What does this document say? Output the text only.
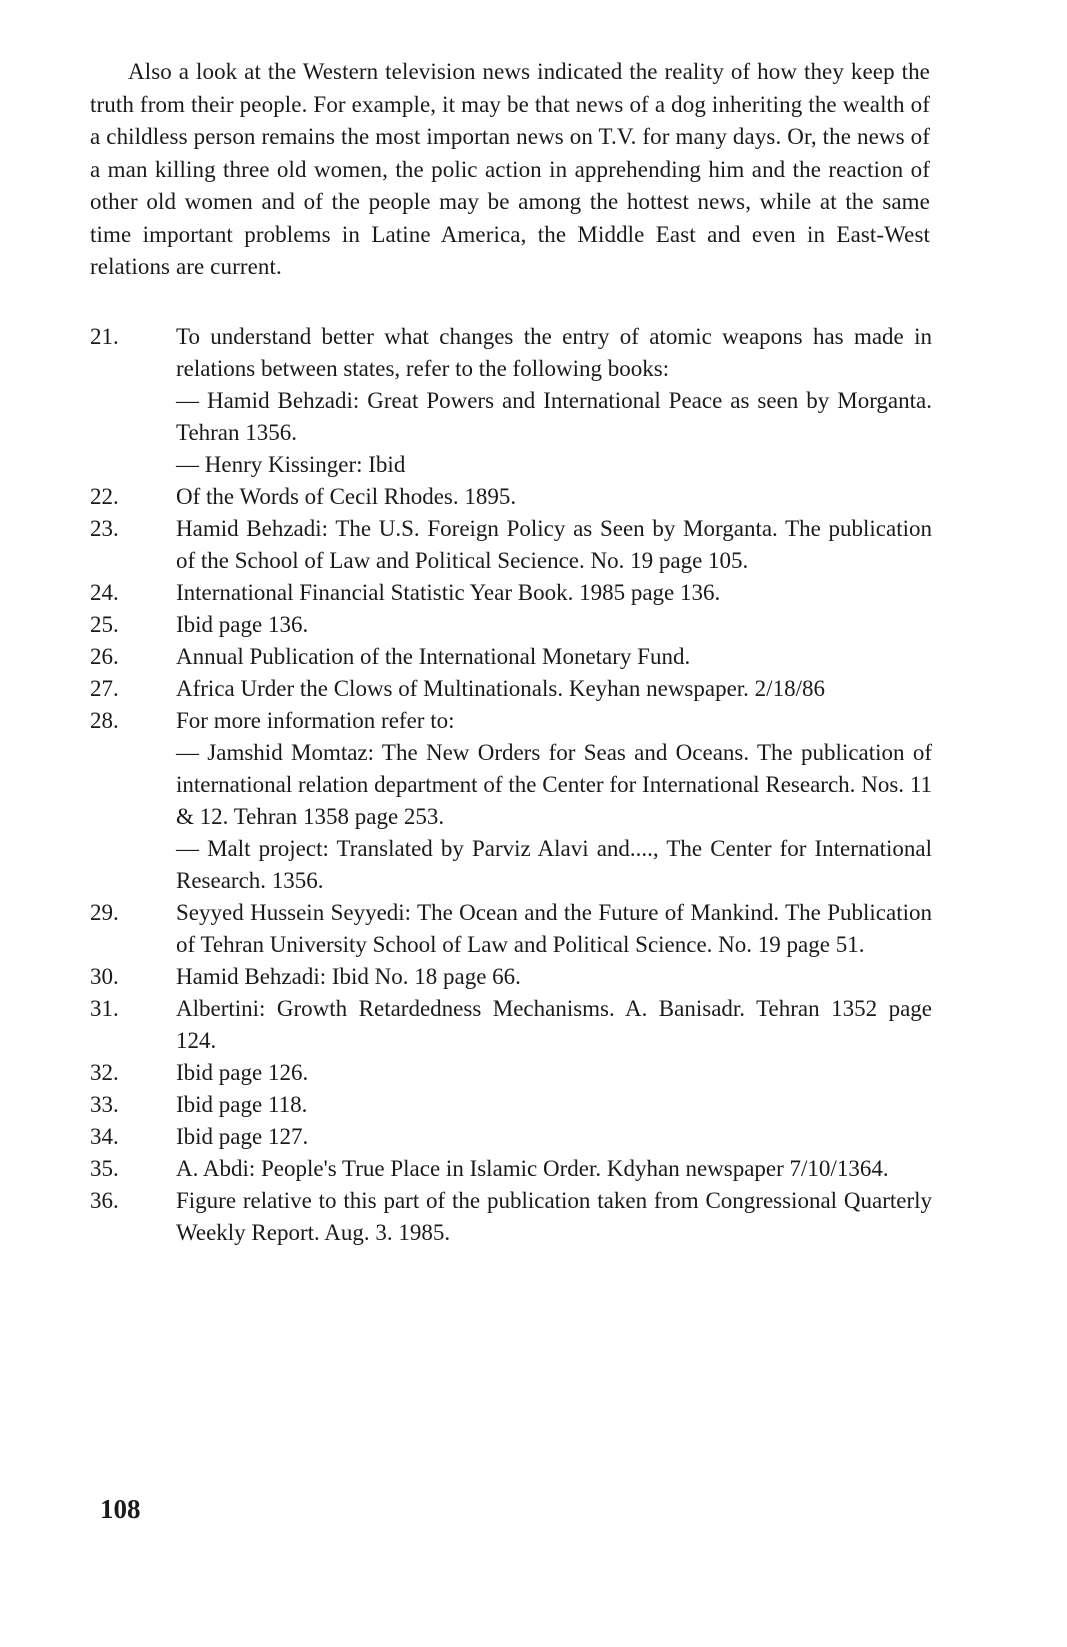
Also a look at the Western television news indicated the reality of how they keep the truth from their people. For example, it may be that news of a dog inheriting the wealth of a childless person remains the most importan news on T.V. for many days. Or, the news of a man killing three old women, the polic action in apprehending him and the reaction of other old women and of the people may be among the hottest news, while at the same time important problems in Latine America, the Middle East and even in East-West relations are current.

21.	To understand better what changes the entry of atomic weapons has made in relations between states, refer to the following books:
— Hamid Behzadi: Great Powers and International Peace as seen by Morganta. Tehran 1356.
— Henry Kissinger: Ibid
22.	Of the Words of Cecil Rhodes. 1895.
23.	Hamid Behzadi: The U.S. Foreign Policy as Seen by Morganta. The publication of the School of Law and Political Secience. No. 19 page 105.
24.	International Financial Statistic Year Book. 1985 page 136.
25.	Ibid page 136.
26.	Annual Publication of the International Monetary Fund.
27.	Africa Urder the Clows of Multinationals. Keyhan newspaper. 2/18/86
28.	For more information refer to:
— Jamshid Momtaz: The New Orders for Seas and Oceans. The publication of international relation department of the Center for International Research. Nos. 11 & 12. Tehran 1358 page 253.
— Malt project: Translated by Parviz Alavi and...., The Center for International Research. 1356.
29.	Seyyed Hussein Seyyedi: The Ocean and the Future of Mankind. The Publication of Tehran University School of Law and Political Science. No. 19 page 51.
30.	Hamid Behzadi: Ibid No. 18 page 66.
31.	Albertini: Growth Retardedness Mechanisms. A. Banisadr. Tehran 1352 page 124.
32.	Ibid page 126.
33.	Ibid page 118.
34.	Ibid page 127.
35.	A. Abdi: People's True Place in Islamic Order. Kdyhan newspaper 7/10/1364.
36.	Figure relative to this part of the publication taken from Congressional Quarterly Weekly Report. Aug. 3. 1985.
108
